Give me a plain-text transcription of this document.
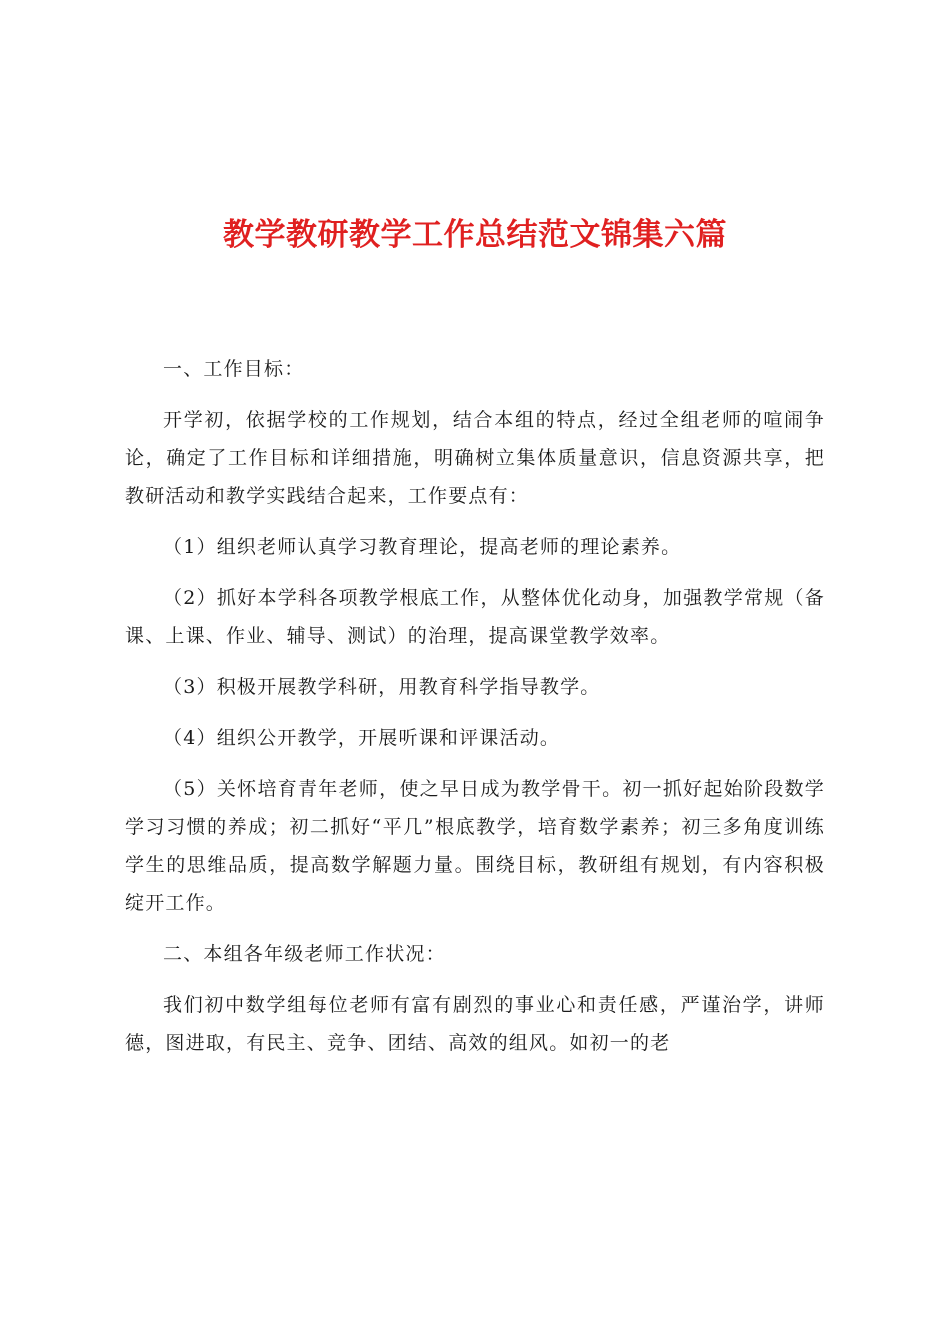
教学教研教学工作总结范文锦集六篇

一、工作目标：

开学初，依据学校的工作规划，结合本组的特点，经过全组老师的喧闹争论，确定了工作目标和详细措施，明确树立集体质量意识，信息资源共享，把教研活动和教学实践结合起来，工作要点有：

（1）组织老师认真学习教育理论，提高老师的理论素养。

（2）抓好本学科各项教学根底工作，从整体优化动身，加强教学常规（备课、上课、作业、辅导、测试）的治理，提高课堂教学效率。

（3）积极开展教学科研，用教育科学指导教学。

（4）组织公开教学，开展听课和评课活动。

（5）关怀培育青年老师，使之早日成为教学骨干。初一抓好起始阶段数学学习习惯的养成；初二抓好“平几”根底教学，培育数学素养；初三多角度训练学生的思维品质，提高数学解题力量。围绕目标，教研组有规划，有内容积极绽开工作。

二、本组各年级老师工作状况：

我们初中数学组每位老师有富有剧烈的事业心和责任感，严谨治学，讲师德，图进取，有民主、竞争、团结、高效的组风。如初一的老
